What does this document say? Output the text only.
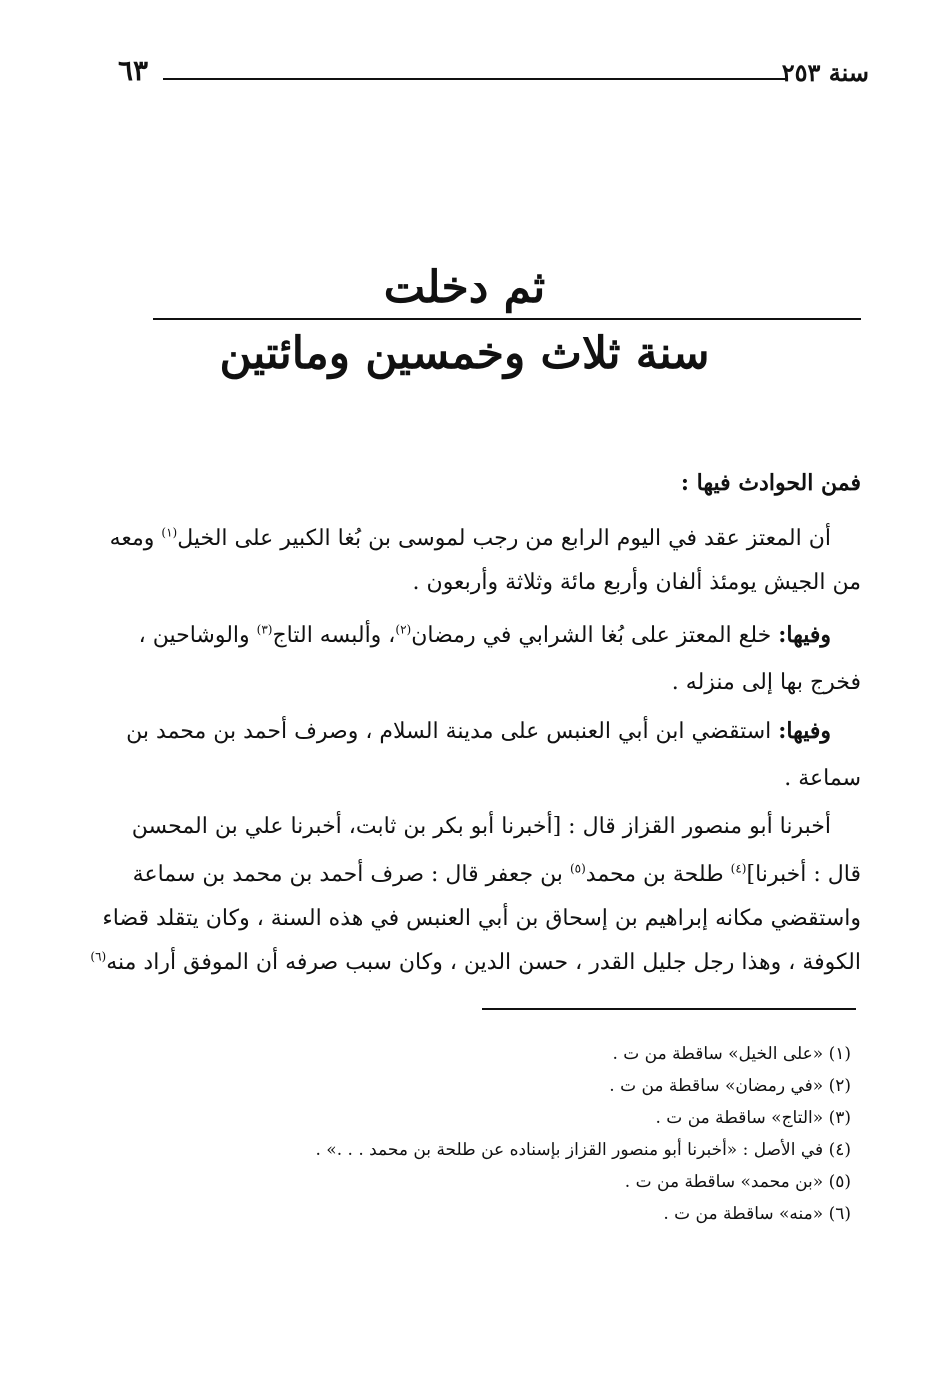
٦٣	سنة ٢٥٣
ثم دخلت
سنة ثلاث وخمسين ومائتين
فمن الحوادث فيها :
أن المعتز عقد في اليوم الرابع من رجب لموسى بن بُغا الكبير على الخيل$^{(١)}$ ومعه
من الجيش يومئذ ألفان وأربع مائة وثلاثة وأربعون .
وفيها: خلع المعتز على بُغا الشرابي في رمضان$^{(٢)}$، وألبسه التاج$^{(٣)}$ والوشاحين ،
فخرج بها إلى منزله .
وفيها: استقضي ابن أبي العنبس على مدينة السلام ، وصرف أحمد بن محمد بن
سماعة .
أخبرنا أبو منصور القزاز قال : [أخبرنا أبو بكر بن ثابت، أخبرنا علي بن المحسن
قال : أخبرنا]$^{(٤)}$ طلحة بن محمد$^{(٥)}$ بن جعفر قال : صرف أحمد بن محمد بن سماعة
واستقضي مكانه إبراهيم بن إسحاق بن أبي العنبس في هذه السنة ، وكان يتقلد قضاء
الكوفة ، وهذا رجل جليل القدر ، حسن الدين ، وكان سبب صرفه أن الموفق أراد منه$^{(٦)}$
(١) «على الخيل» ساقطة من ت .
(٢) «في رمضان» ساقطة من ت .
(٣) «التاج» ساقطة من ت .
(٤) في الأصل : «أخبرنا أبو منصور القزاز بإسناده عن طلحة بن محمد . . .» .
(٥) «بن محمد» ساقطة من ت .
(٦) «منه» ساقطة من ت .
